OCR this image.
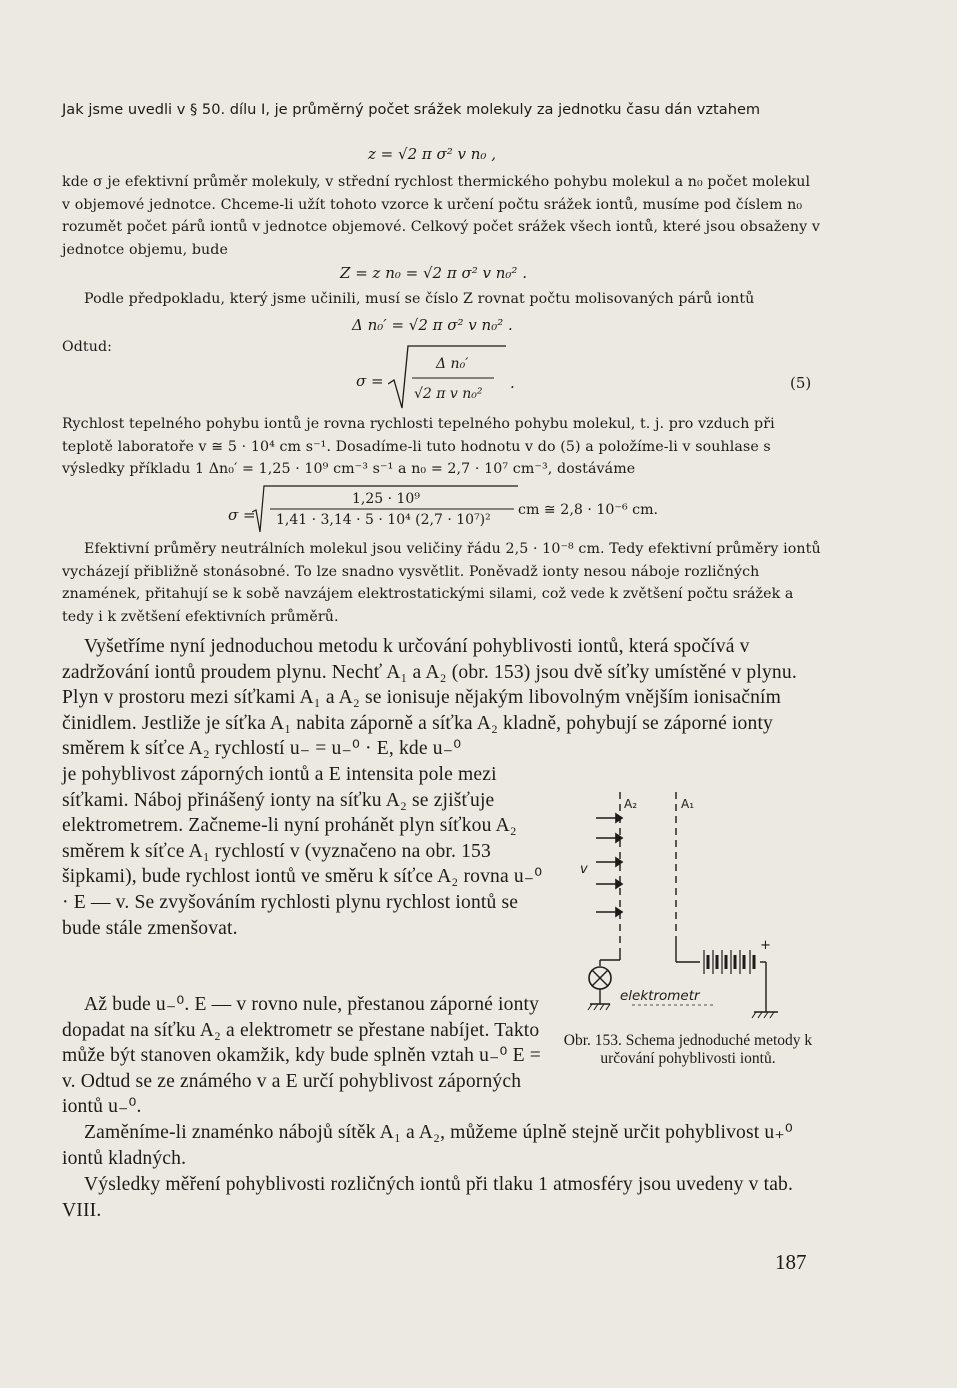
Jak jsme uvedli v § 50. dílu I, je průměrný počet srážek molekuly za jednotku času dán vztahem

z = √2 π σ² v n₀ ,

kde σ je efektivní průměr molekuly, v střední rychlost thermického pohybu molekul a n₀ počet molekul v objemové jednotce. Chceme-li užít tohoto vzorce k určení počtu srážek iontů, musíme pod číslem n₀ rozumět počet párů iontů v jednotce objemové. Celkový počet srážek všech iontů, které jsou obsaženy v jednotce objemu, bude

Z = z n₀ = √2 π σ² v n₀² .

Podle předpokladu, který jsme učinili, musí se číslo Z rovnat počtu molisovaných párů iontů

Δ n₀′ = √2 π σ² v n₀² .
Odtud:
σ =
Δ n₀′
√2 π v n₀²
.	(5)

Rychlost tepelného pohybu iontů je rovna rychlosti tepelného pohybu molekul, t. j. pro vzduch při teplotě laboratoře v ≅ 5 · 10⁴ cm s⁻¹. Dosadíme-li tuto hodnotu v do (5) a položíme-li v souhlase s výsledky příkladu 1 Δn₀′ = 1,25 · 10⁹ cm⁻³ s⁻¹ a n₀ = 2,7 · 10⁷ cm⁻³, dostáváme

σ =
1,25 · 10⁹
1,41 · 3,14 · 5 · 10⁴ (2,7 · 10⁷)²
cm ≅ 2,8 · 10⁻⁶ cm.

Efektivní průměry neutrálních molekul jsou veličiny řádu 2,5 · 10⁻⁸ cm. Tedy efektivní průměry iontů vycházejí přibližně stonásobné. To lze snadno vysvětlit. Poněvadž ionty nesou náboje rozličných znamének, přitahují se k sobě navzájem elektrostatickými silami, což vede k zvětšení počtu srážek a tedy i k zvětšení efektivních průměrů.

Vyšetříme nyní jednoduchou metodu k určování pohyblivosti iontů, která spočívá v zadržování iontů proudem plynu. Nechť A₁ a A₂ (obr. 153) jsou dvě síťky umístěné v plynu. Plyn v prostoru mezi síťkami A₁ a A₂ se ionisuje nějakým libovolným vnějším ionisačním činidlem. Jestliže je síťka A₁ nabita záporně a síťka A₂ kladně, pohybují se záporné ionty směrem k síťce A₂ rychlostí u₋ = u₋⁰ · E, kde u₋⁰

je pohyblivost záporných iontů a E intensita pole mezi síťkami. Náboj přinášený ionty na síťku A₂ se zjišťuje elektrometrem. Začneme-li nyní prohánět plyn síťkou A₂ směrem k síťce A₁ rychlostí v (vyznačeno na obr. 153 šipkami), bude rychlost iontů ve směru k síťce A₂ rovna u₋⁰ · E — v. Se zvyšováním rychlosti plynu rychlost iontů se bude stále zmenšovat.

Až bude u₋⁰. E — v rovno nule, přestanou záporné ionty dopadat na síťku A₂ a elektrometr se přestane nabíjet. Takto může být stanoven okamžik, kdy bude splněn vztah u₋⁰ E = v. Odtud se ze známého v a E určí pohyblivost záporných iontů u₋⁰.

Zaměníme-li znaménko nábojů sítěk A₁ a A₂, můžeme úplně stejně určit pohyblivost u₊⁰ iontů kladných.

Výsledky měření pohyblivosti rozličných iontů při tlaku 1 atmosféry jsou uvedeny v tab. VIII.

A₂	A₁
v
+
elektrometr
Obr. 153. Schema jednoduché metody k určování pohyblivosti iontů.
187
